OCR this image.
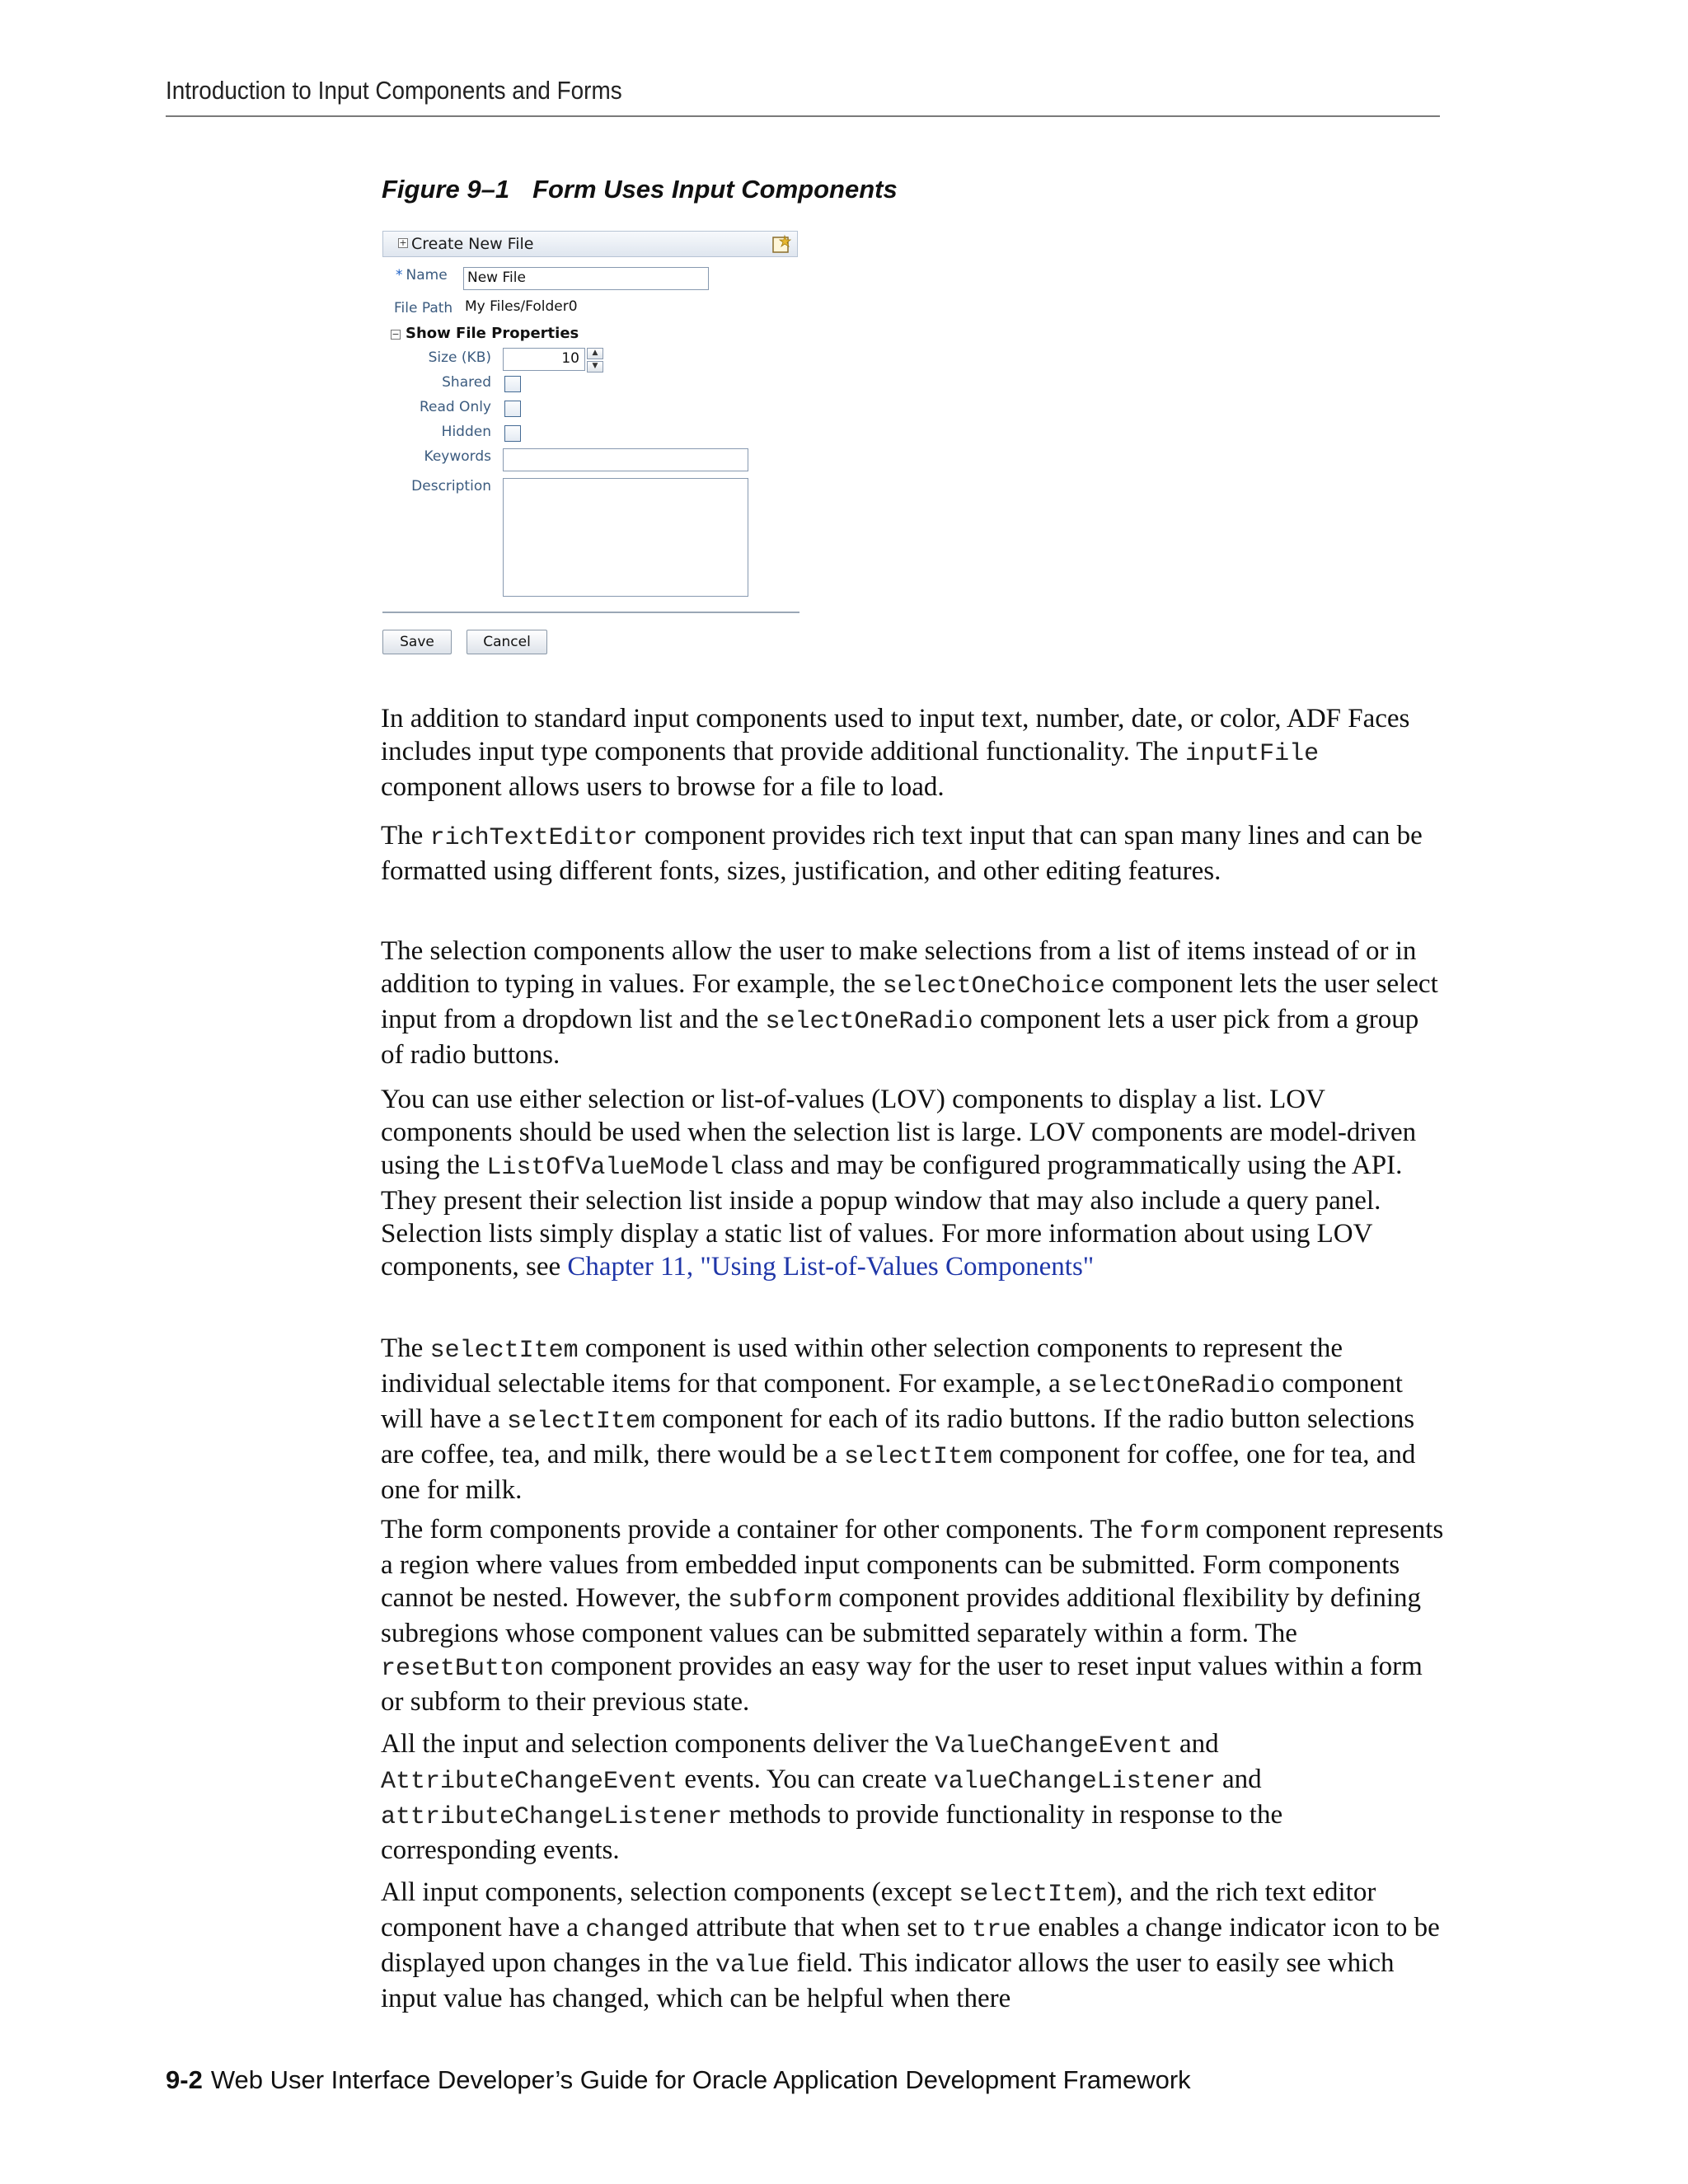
Introduction to Input Components and Forms
Figure 9–1 Form Uses Input Components
+ Create New File
* Name New File
File Path My Files/Folder0
− Show File Properties
Size (KB)	10	▲
▼
Shared
Read Only
Hidden
Keywords
Description
Save	Cancel

In addition to standard input components used to input text, number, date, or color, ADF Faces includes input type components that provide additional functionality. The inputFile component allows users to browse for a file to load.

The richTextEditor component provides rich text input that can span many lines and can be formatted using different fonts, sizes, justification, and other editing features.

The selection components allow the user to make selections from a list of items instead of or in addition to typing in values. For example, the selectOneChoice component lets the user select input from a dropdown list and the selectOneRadio component lets a user pick from a group of radio buttons.

You can use either selection or list-of-values (LOV) components to display a list. LOV components should be used when the selection list is large. LOV components are model-driven using the ListOfValueModel class and may be configured programmatically using the API. They present their selection list inside a popup window that may also include a query panel. Selection lists simply display a static list of values. For more information about using LOV components, see Chapter 11, "Using List-of-Values Components"

The selectItem component is used within other selection components to represent the individual selectable items for that component. For example, a selectOneRadio component will have a selectItem component for each of its radio buttons. If the radio button selections are coffee, tea, and milk, there would be a selectItem component for coffee, one for tea, and one for milk.

The form components provide a container for other components. The form component represents a region where values from embedded input components can be submitted. Form components cannot be nested. However, the subform component provides additional flexibility by defining subregions whose component values can be submitted separately within a form. The resetButton component provides an easy way for the user to reset input values within a form or subform to their previous state.

All the input and selection components deliver the ValueChangeEvent and AttributeChangeEvent events. You can create valueChangeListener and attributeChangeListener methods to provide functionality in response to the corresponding events.

All input components, selection components (except selectItem), and the rich text editor component have a changed attribute that when set to true enables a change indicator icon to be displayed upon changes in the value field. This indicator allows the user to easily see which input value has changed, which can be helpful when there

9-2 Web User Interface Developer’s Guide for Oracle Application Development Framework
